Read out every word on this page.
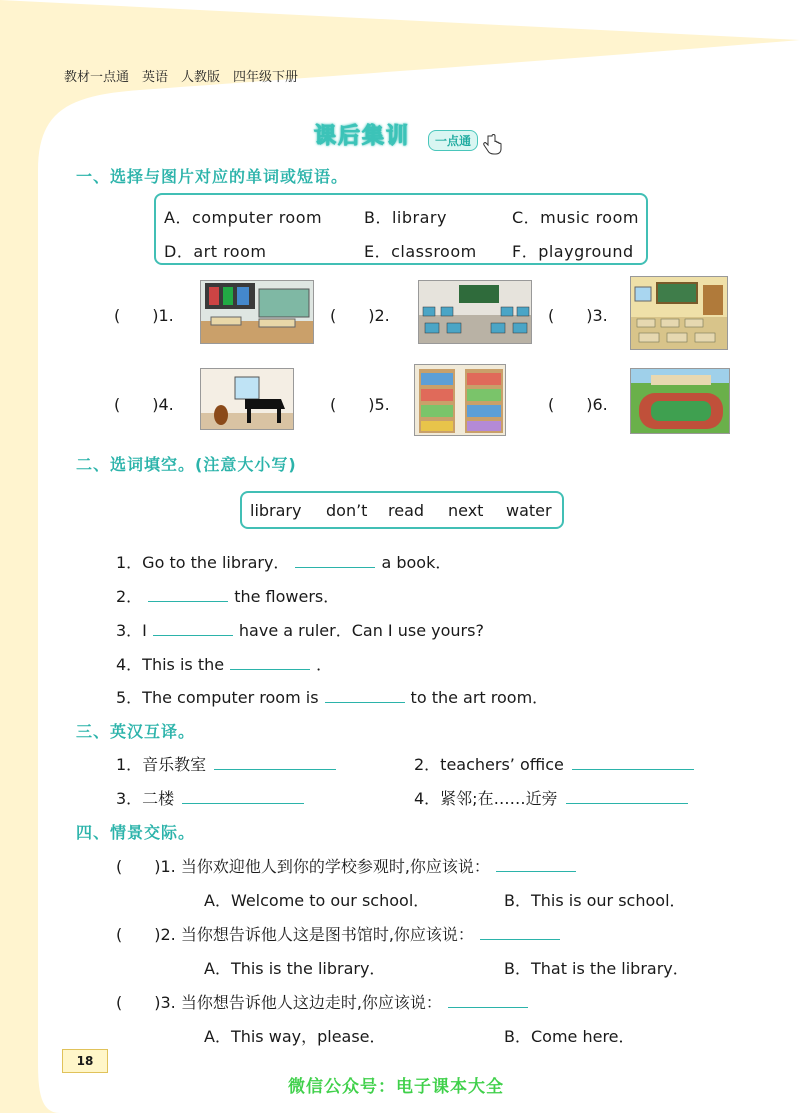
教材一点通　英语　人教版　四年级下册
课后集训	一点通
一、选择与图片对应的单词或短语。
A．computer room	B．library	C．music room
D．art room	E．classroom F．playground
(　　)1.	(　　)2.	(　　)3.
(　　)4.	(　　)5.	(　　)6.
二、选词填空。(注意大小写)
library don’t read next water
1．Go to the library．	a book．
2．	the flowers．
3．I	have a ruler．Can I use yours?
4．This is the	．
5．The computer room is	to the art room．
三、英汉互译。
1．音乐教室	2．teachers’ office
3．二楼	4．紧邻;在……近旁
四、情景交际。
(　　)1. 当你欢迎他人到你的学校参观时,你应该说：
A．Welcome to our school．	B．This is our school．
(　　)2. 当你想告诉他人这是图书馆时,你应该说：
A．This is the library．	B．That is the library．
(　　)3. 当你想告诉他人这边走时,你应该说：
A．This way，please．	B．Come here．
18
微信公众号：电子课本大全
